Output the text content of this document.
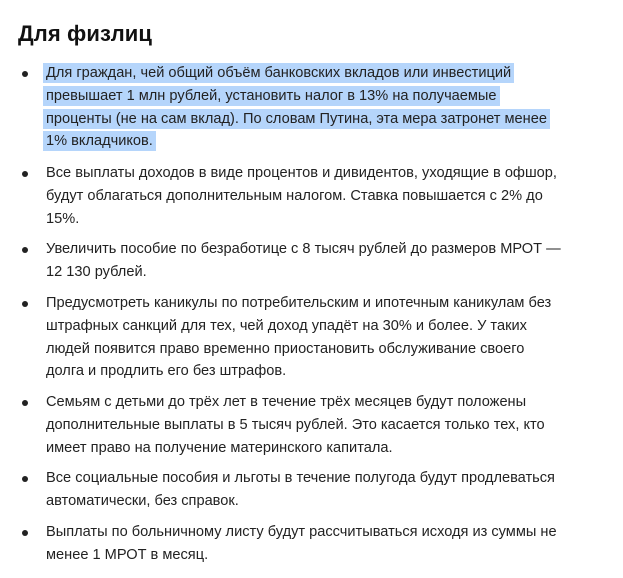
Для физлиц

Для граждан, чей общий объём банковских вкладов или инвестиций
превышает 1 млн рублей, установить налог в 13% на получаемые
проценты (не на сам вклад). По словам Путина, эта мера затронет менее
1% вкладчиков.

Все выплаты доходов в виде процентов и дивидентов, уходящие в офшор,
будут облагаться дополнительным налогом. Ставка повышается с 2% до
15%.

Увеличить пособие по безработице с 8 тысяч рублей до размеров МРОТ —
12 130 рублей.

Предусмотреть каникулы по потребительским и ипотечным каникулам без
штрафных санкций для тех, чей доход упадёт на 30% и более. У таких
людей появится право временно приостановить обслуживание своего
долга и продлить его без штрафов.

Семьям с детьми до трёх лет в течение трёх месяцев будут положены
дополнительные выплаты в 5 тысяч рублей. Это касается только тех, кто
имеет право на получение материнского капитала.

Все социальные пособия и льготы в течение полугода будут продлеваться
автоматически, без справок.

Выплаты по больничному листу будут рассчитываться исходя из суммы не
менее 1 МРОТ в месяц.
